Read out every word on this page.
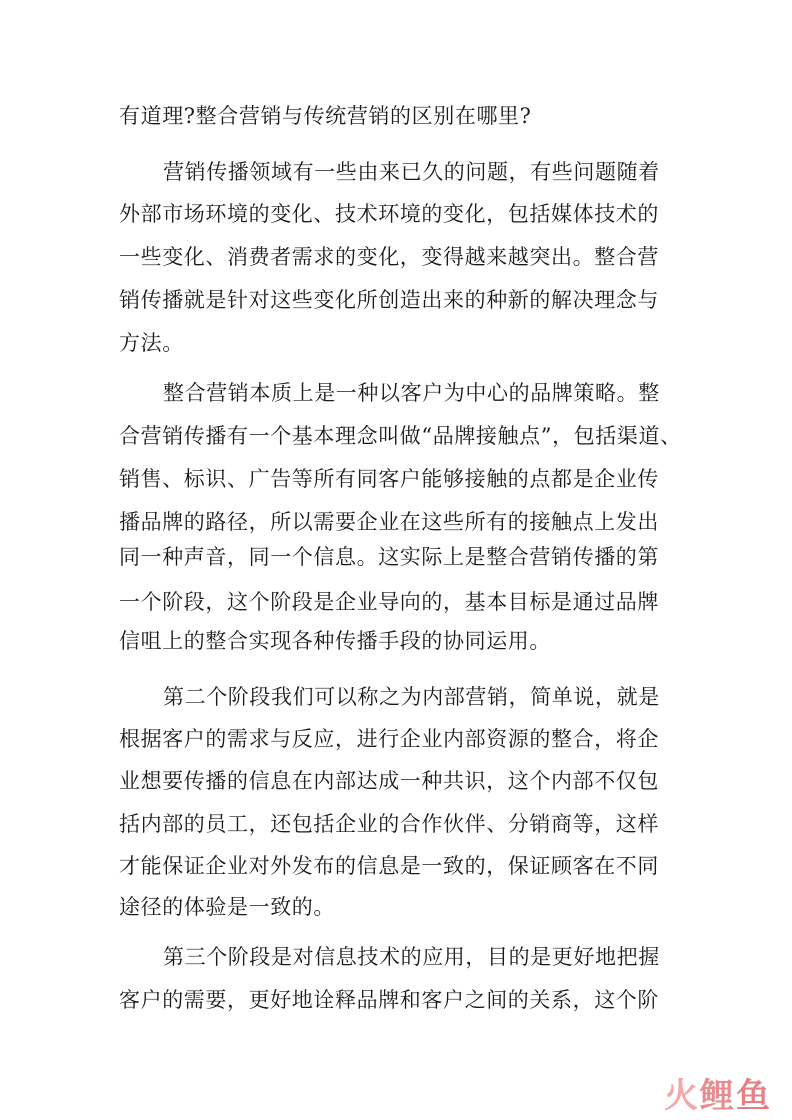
有道理?整合营销与传统营销的区别在哪里?
营销传播领域有一些由来已久的问题，有些问题随着
外部市场环境的变化、技术环境的变化，包括媒体技术的
一些变化、消费者需求的变化，变得越来越突出。整合营
销传播就是针对这些变化所创造出来的种新的解决理念与
方法。
整合营销本质上是一种以客户为中心的品牌策略。整
合营销传播有一个基本理念叫做“品牌接触点”，包括渠道、
销售、标识、广告等所有同客户能够接触的点都是企业传
播品牌的路径，所以需要企业在这些所有的接触点上发出
同一种声音，同一个信息。这实际上是整合营销传播的第
一个阶段，这个阶段是企业导向的，基本目标是通过品牌
信咀上的整合实现各种传播手段的协同运用。
第二个阶段我们可以称之为内部营销，简单说，就是
根据客户的需求与反应，进行企业内部资源的整合，将企
业想要传播的信息在内部达成一种共识，这个内部不仅包
括内部的员工，还包括企业的合作伙伴、分销商等，这样
才能保证企业对外发布的信息是一致的，保证顾客在不同
途径的体验是一致的。
第三个阶段是对信息技术的应用，目的是更好地把握
客户的需要，更好地诠释品牌和客户之间的关系，这个阶
火 鲤 鱼
